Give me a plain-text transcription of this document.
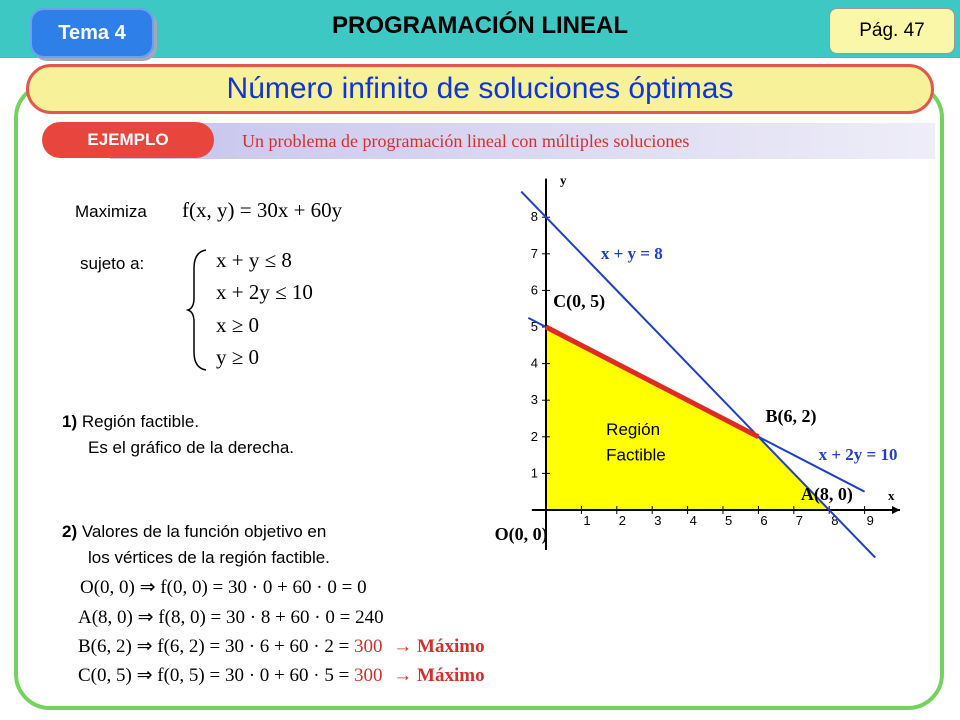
PROGRAMACIÓN LINEAL
Tema 4	Pág. 47
Número infinito de soluciones óptimas
EJEMPLO	Un problema de programación lineal con múltiples soluciones
Maximiza f(x, y) = 30x + 60y
sujeto a:	x + y ≤ 8
x + 2y ≤ 10
x ≥ 0
y ≥ 0
1) Región factible.
Es el gráfico de la derecha.
2) Valores de la función objetivo en
los vértices de la región factible.
O(0, 0) ⇒ f(0, 0) = 30 · 0 + 60 · 0 = 0
A(8, 0) ⇒ f(8, 0) = 30 · 8 + 60 · 0 = 240
B(6, 2) ⇒ f(6, 2) = 30 · 6 + 60 · 2 = 300 → Máximo
C(0, 5) ⇒ f(0, 5) = 30 · 0 + 60 · 5 = 300 → Máximo
1 2 3 4 5 6 7 8 9
1
2
3
4
5
6
7
8
y
x
x + y = 8
x + 2y = 10
O(0, 0)
A(8, 0)
B(6, 2)
C(0, 5)
Región
Factible
